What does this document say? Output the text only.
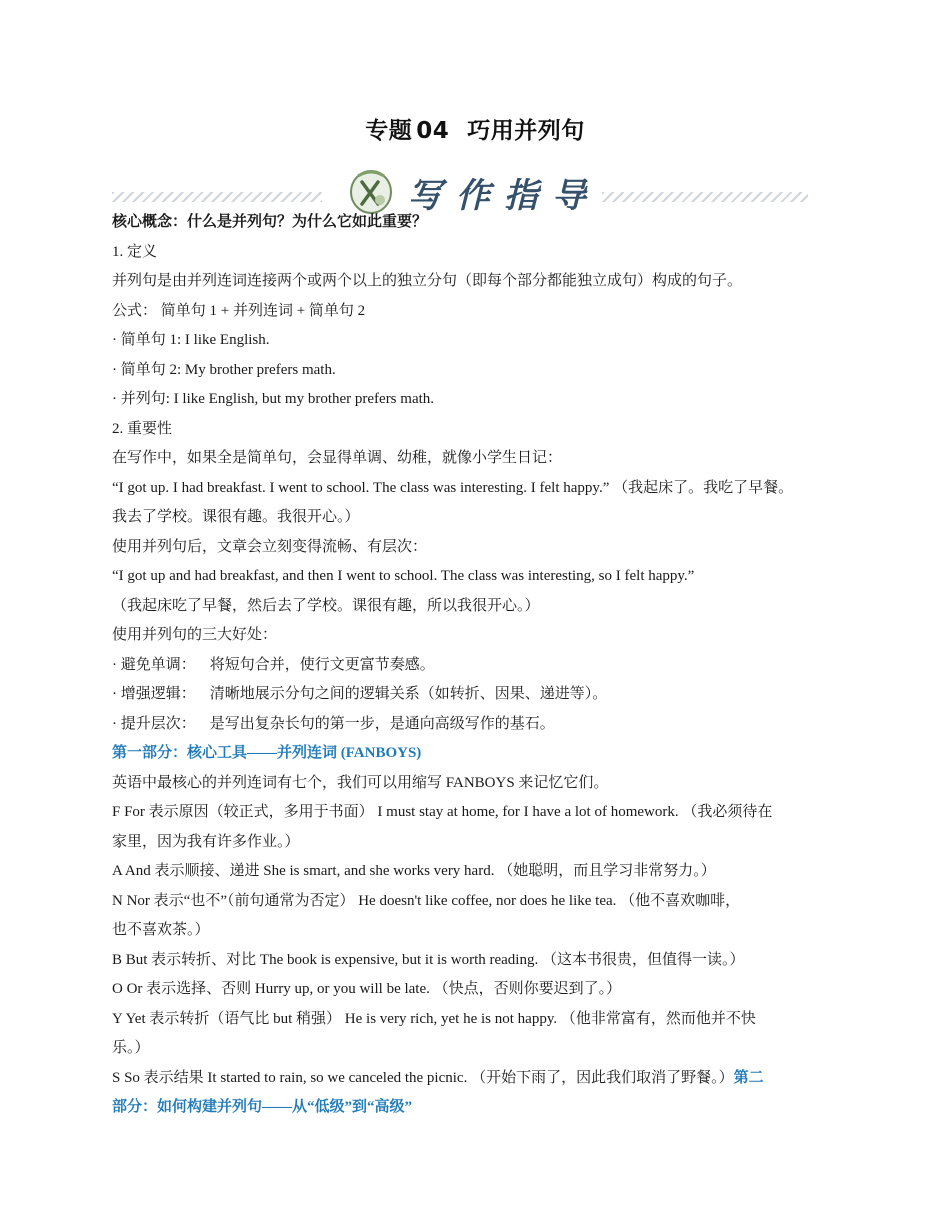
专题 04 巧用并列句
写作指导
核心概念：什么是并列句？为什么它如此重要？
1. 定义
并列句是由并列连词连接两个或两个以上的独立分句（即每个部分都能独立成句）构成的句子。
公式： 简单句 1 + 并列连词 + 简单句 2
· 简单句 1: I like English.
· 简单句 2: My brother prefers math.
· 并列句: I like English, but my brother prefers math.
2. 重要性
在写作中，如果全是简单句，会显得单调、幼稚，就像小学生日记：
“I got up. I had breakfast. I went to school. The class was interesting. I felt happy.” （我起床了。我吃了早餐。
我去了学校。课很有趣。我很开心。）
使用并列句后，文章会立刻变得流畅、有层次：
“I got up and had breakfast, and then I went to school. The class was interesting, so I felt happy.”
（我起床吃了早餐，然后去了学校。课很有趣，所以我很开心。）
使用并列句的三大好处：
· 避免单调： 将短句合并，使行文更富节奏感。
· 增强逻辑： 清晰地展示分句之间的逻辑关系（如转折、因果、递进等）。
· 提升层次： 是写出复杂长句的第一步，是通向高级写作的基石。
第一部分：核心工具——并列连词 (FANBOYS)
英语中最核心的并列连词有七个，我们可以用缩写 FANBOYS 来记忆它们。
F For 表示原因（较正式，多用于书面） I must stay at home, for I have a lot of homework. （我必须待在
家里，因为我有许多作业。）
A And 表示顺接、递进 She is smart, and she works very hard. （她聪明，而且学习非常努力。）
N Nor 表示“也不”（前句通常为否定） He doesn't like coffee, nor does he like tea. （他不喜欢咖啡，
也不喜欢茶。）
B But 表示转折、对比 The book is expensive, but it is worth reading. （这本书很贵，但值得一读。）
O Or 表示选择、否则 Hurry up, or you will be late. （快点，否则你要迟到了。）
Y Yet 表示转折（语气比 but 稍强） He is very rich, yet he is not happy. （他非常富有，然而他并不快
乐。）
S So 表示结果 It started to rain, so we canceled the picnic. （开始下雨了，因此我们取消了野餐。）第二
部分：如何构建并列句——从“低级”到“高级”
